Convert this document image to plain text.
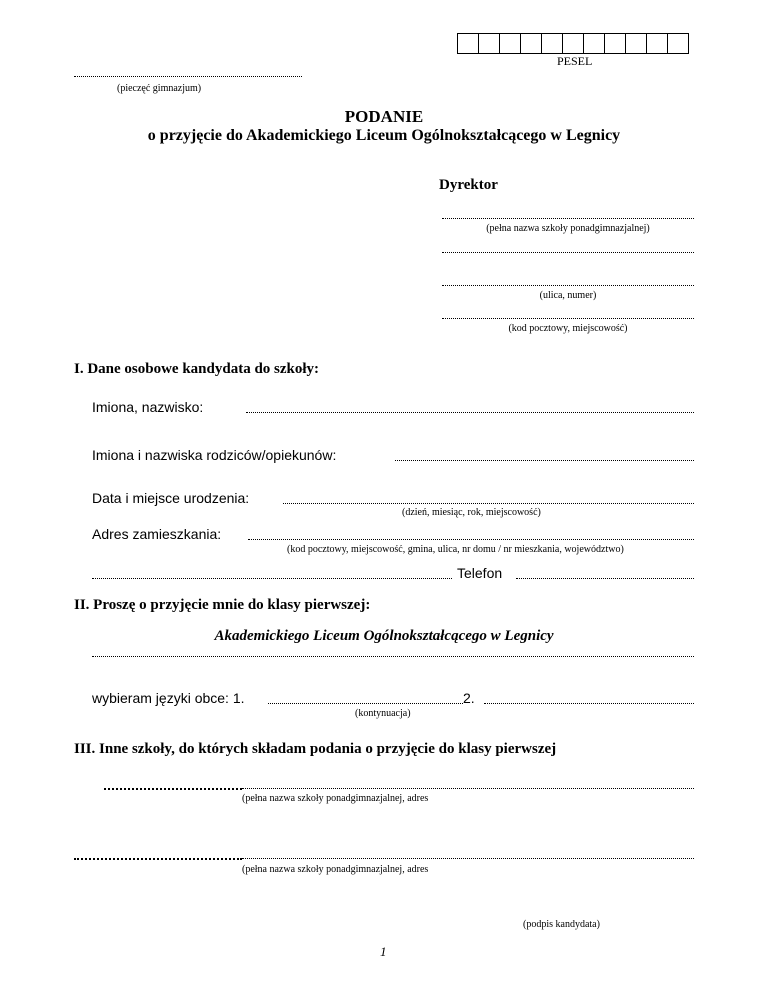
PESEL
(pieczęć gimnazjum)
PODANIE
o przyjęcie do Akademickiego Liceum Ogólnokształcącego w Legnicy
Dyrektor
(pełna nazwa szkoły ponadgimnazjalnej)
(ulica, numer)
(kod pocztowy, miejscowość)
I. Dane osobowe kandydata do szkoły:
Imiona, nazwisko:
Imiona i nazwiska rodziców/opiekunów:
Data i miejsce urodzenia:
(dzień, miesiąc, rok, miejscowość)
Adres zamieszkania:
(kod pocztowy, miejscowość, gmina, ulica, nr domu / nr mieszkania, województwo)
Telefon
II. Proszę o przyjęcie mnie do klasy pierwszej:
Akademickiego Liceum Ogólnokształcącego w Legnicy
wybieram języki obce: 1.	2.
(kontynuacja)
III. Inne szkoły, do których składam podania o przyjęcie do klasy pierwszej
(pełna nazwa szkoły ponadgimnazjalnej, adres
(pełna nazwa szkoły ponadgimnazjalnej, adres
(podpis kandydata)
1
